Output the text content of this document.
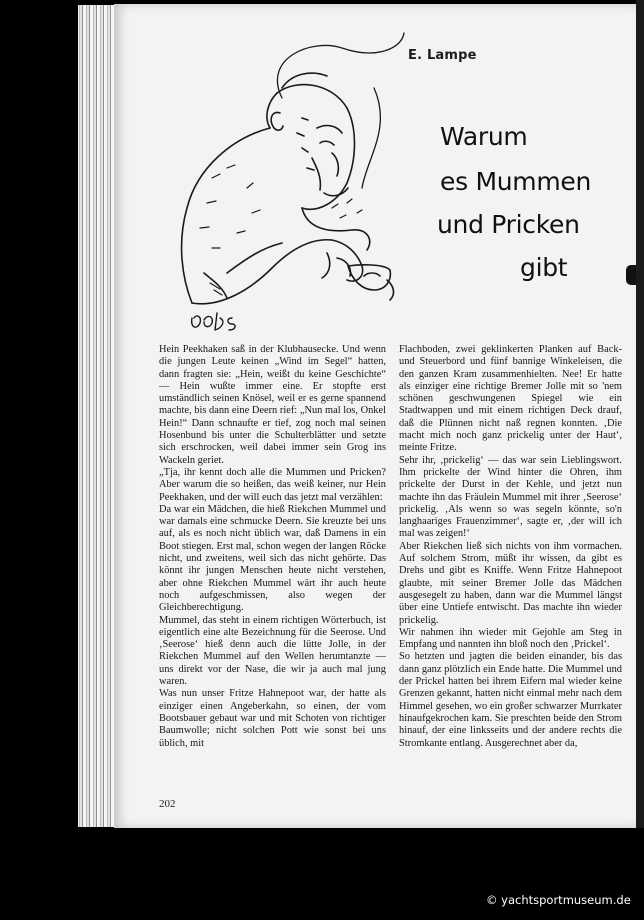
E. Lampe
Warum
es Mummen
und Pricken
gibt

Hein Peekhaken saß in der Klubhausecke. Und wenn die jungen Leute keinen „Wind im Segel“ hatten, dann fragten sie: „Hein, weißt du keine Geschichte“ — Hein wußte immer eine. Er stopfte erst umständlich seinen Knösel, weil er es gerne spannend machte, bis dann eine Deern rief: „Nun mal los, Onkel Hein!“ Dann schnaufte er tief, zog noch mal seinen Hosenbund bis unter die Schulterblätter und setzte sich erschrocken, weil dabei immer sein Grog ins Wackeln geriet.

„Tja, ihr kennt doch alle die Mummen und Pricken? Aber warum die so heißen, das weiß keiner, nur Hein Peekhaken, und der will euch das jetzt mal verzählen:

Da war ein Mädchen, die hieß Riekchen Mummel und war damals eine schmucke Deern. Sie kreuzte bei uns auf, als es noch nicht üblich war, daß Damens in ein Boot stiegen. Erst mal, schon wegen der langen Röcke nicht, und zweitens, weil sich das nicht gehörte. Das könnt ihr jungen Menschen heute nicht verstehen, aber ohne Riekchen Mummel wärt ihr auch heute noch aufgeschmissen, also wegen der Gleichberechtigung.

Mummel, das steht in einem richtigen Wörterbuch, ist eigentlich eine alte Bezeichnung für die Seerose. Und ‚Seerose‘ hieß denn auch die lütte Jolle, in der Riekchen Mummel auf den Wellen herumtanzte — uns direkt vor der Nase, die wir ja auch mal jung waren.

Was nun unser Fritze Hahnepoot war, der hatte als einziger einen Angeberkahn, so einen, der vom Bootsbauer gebaut war und mit Schoten von richtiger Baumwolle; nicht solchen Pott wie sonst bei uns üblich, mit

Flachboden, zwei geklinkerten Planken auf Back- und Steuerbord und fünf bannige Winkeleisen, die den ganzen Kram zusammenhielten. Nee! Er hatte als einziger eine richtige Bremer Jolle mit so 'nem schönen geschwungenen Spiegel wie ein Stadtwappen und mit einem richtigen Deck drauf, daß die Plünnen nicht naß regnen konnten. ‚Die macht mich noch ganz prickelig unter der Haut‘, meinte Fritze.

Sehr ihr, ‚prickelig‘ — das war sein Lieblingswort. Ihm prickelte der Wind hinter die Ohren, ihm prickelte der Durst in der Kehle, und jetzt nun machte ihn das Fräulein Mummel mit ihrer ‚Seerose‘ prickelig. ‚Als wenn so was segeln könnte, so'n langhaariges Frauenzimmer‘, sagte er, ‚der will ich mal was zeigen!‘

Aber Riekchen ließ sich nichts von ihm vormachen. Auf solchem Strom, müßt ihr wissen, da gibt es Drehs und gibt es Kniffe. Wenn Fritze Hahnepoot glaubte, mit seiner Bremer Jolle das Mädchen ausgesegelt zu haben, dann war die Mummel längst über eine Untiefe entwischt. Das machte ihn wieder prickelig.

Wir nahmen ihn wieder mit Gejohle am Steg in Empfang und nannten ihn bloß noch den ‚Prickel‘.

So hetzten und jagten die beiden einander, bis das dann ganz plötzlich ein Ende hatte. Die Mummel und der Prickel hatten bei ihrem Eifern mal wieder keine Grenzen gekannt, hatten nicht einmal mehr nach dem Himmel gesehen, wo ein großer schwarzer Murrkater hinaufgekrochen kam. Sie preschten beide den Strom hinauf, der eine linksseits und der andere rechts die Stromkante entlang. Ausgerechnet aber da,

202
© yachtsportmuseum.de
